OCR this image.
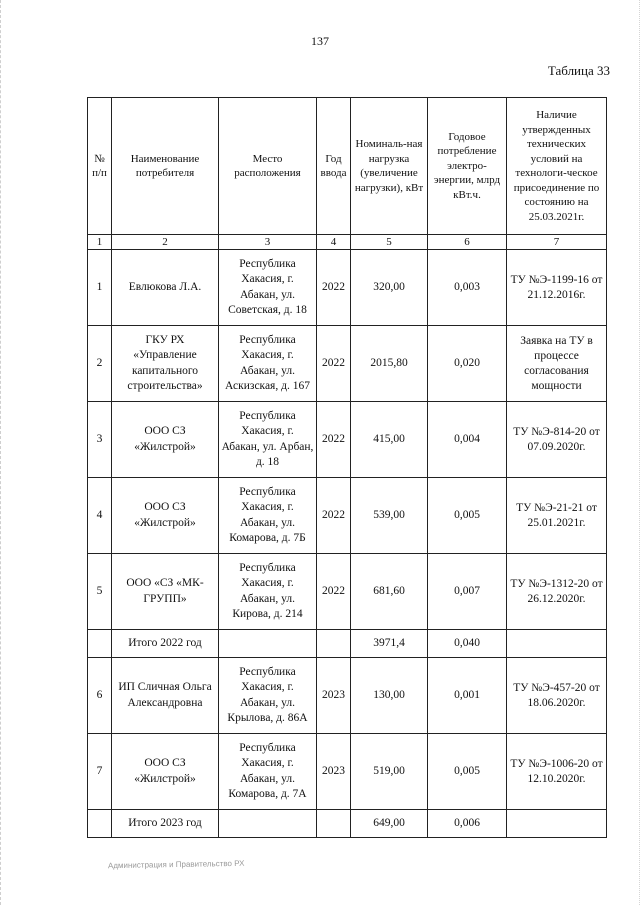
137
Таблица 33
№ п/п	Наименование потребителя	Место расположения	Год ввода	Номиналь-ная нагрузка (увеличение нагрузки), кВт	Годовое потребление электро-энергии, млрд кВт.ч.	Наличие утвержденных технических условий на технологи-ческое присоединение по состоянию на 25.03.2021г.
1	2	3	4	5	6	7
1	Евлюкова Л.А.	Республика Хакасия, г. Абакан, ул. Советская, д. 18	2022	320,00	0,003	ТУ №Э-1199-16 от 21.12.2016г.
2	ГКУ РХ «Управление капитального строительства»	Республика Хакасия, г. Абакан, ул. Аскизская, д. 167	2022	2015,80	0,020	Заявка на ТУ в процессе согласования мощности
3	ООО СЗ «Жилстрой»	Республика Хакасия, г. Абакан, ул. Арбан, д. 18	2022	415,00	0,004	ТУ №Э-814-20 от 07.09.2020г.
4	ООО СЗ «Жилстрой»	Республика Хакасия, г. Абакан, ул. Комарова, д. 7Б	2022	539,00	0,005	ТУ №Э-21-21 от 25.01.2021г.
5	ООО «СЗ «МК-ГРУПП»	Республика Хакасия, г. Абакан, ул. Кирова, д. 214	2022	681,60	0,007	ТУ №Э-1312-20 от 26.12.2020г.
	Итого 2022 год			3971,4	0,040	
6	ИП Сличная Ольга Александровна	Республика Хакасия, г. Абакан, ул. Крылова, д. 86А	2023	130,00	0,001	ТУ №Э-457-20 от 18.06.2020г.
7	ООО СЗ «Жилстрой»	Республика Хакасия, г. Абакан, ул. Комарова, д. 7А	2023	519,00	0,005	ТУ №Э-1006-20 от 12.10.2020г.
	Итого 2023 год			649,00	0,006	
Администрация и Правительство РХ
